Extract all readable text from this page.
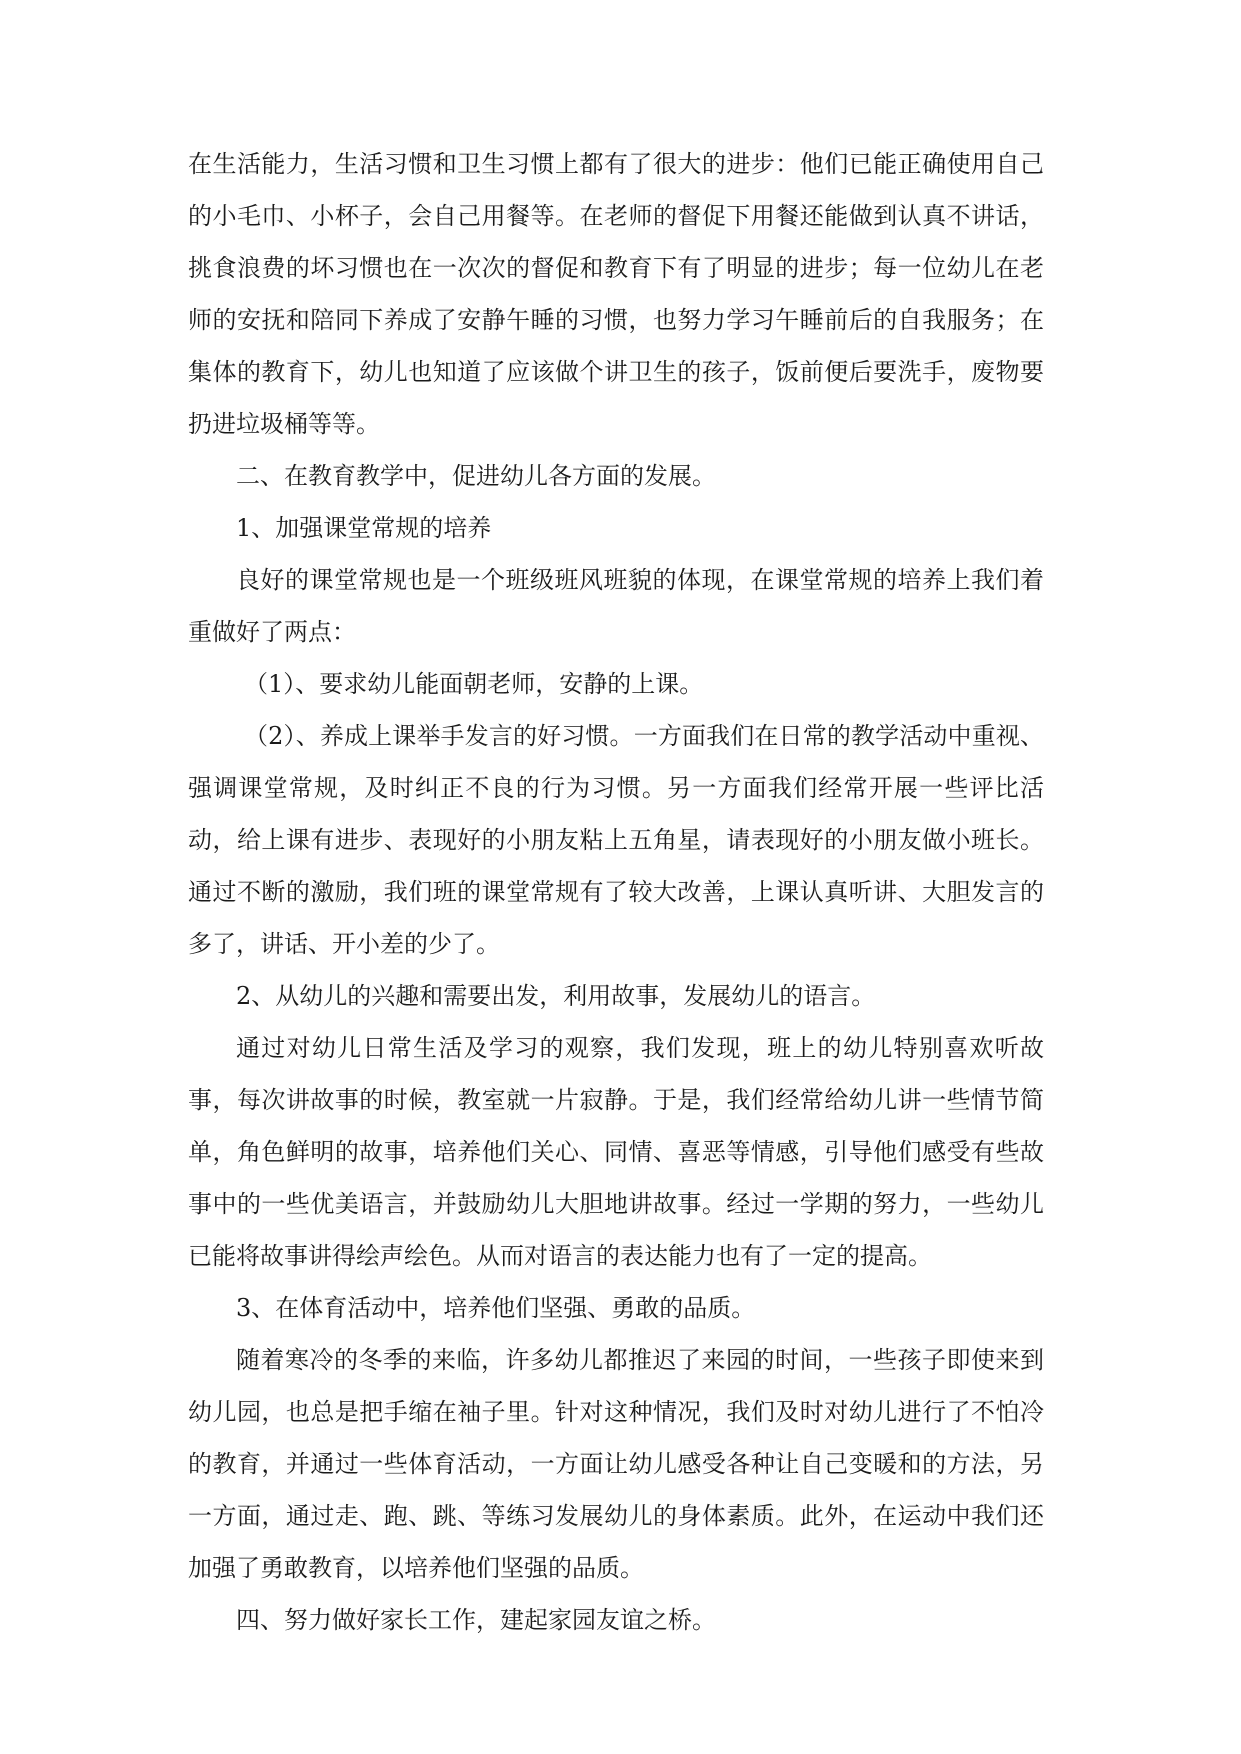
在生活能力，生活习惯和卫生习惯上都有了很大的进步：他们已能正确使用自己的小毛巾、小杯子，会自己用餐等。在老师的督促下用餐还能做到认真不讲话，挑食浪费的坏习惯也在一次次的督促和教育下有了明显的进步；每一位幼儿在老师的安抚和陪同下养成了安静午睡的习惯，也努力学习午睡前后的自我服务；在集体的教育下，幼儿也知道了应该做个讲卫生的孩子，饭前便后要洗手，废物要扔进垃圾桶等等。

二、在教育教学中，促进幼儿各方面的发展。

1、加强课堂常规的培养

良好的课堂常规也是一个班级班风班貌的体现，在课堂常规的培养上我们着重做好了两点：

（1）、要求幼儿能面朝老师，安静的上课。

（2）、养成上课举手发言的好习惯。一方面我们在日常的教学活动中重视、强调课堂常规，及时纠正不良的行为习惯。另一方面我们经常开展一些评比活动，给上课有进步、表现好的小朋友粘上五角星，请表现好的小朋友做小班长。通过不断的激励，我们班的课堂常规有了较大改善，上课认真听讲、大胆发言的多了，讲话、开小差的少了。

2、从幼儿的兴趣和需要出发，利用故事，发展幼儿的语言。

通过对幼儿日常生活及学习的观察，我们发现，班上的幼儿特别喜欢听故事，每次讲故事的时候，教室就一片寂静。于是，我们经常给幼儿讲一些情节简单，角色鲜明的故事，培养他们关心、同情、喜恶等情感，引导他们感受有些故事中的一些优美语言，并鼓励幼儿大胆地讲故事。经过一学期的努力，一些幼儿已能将故事讲得绘声绘色。从而对语言的表达能力也有了一定的提高。

3、在体育活动中，培养他们坚强、勇敢的品质。

随着寒冷的冬季的来临，许多幼儿都推迟了来园的时间，一些孩子即使来到幼儿园，也总是把手缩在袖子里。针对这种情况，我们及时对幼儿进行了不怕冷的教育，并通过一些体育活动，一方面让幼儿感受各种让自己变暖和的方法，另一方面，通过走、跑、跳、等练习发展幼儿的身体素质。此外，在运动中我们还加强了勇敢教育，以培养他们坚强的品质。

四、努力做好家长工作，建起家园友谊之桥。
